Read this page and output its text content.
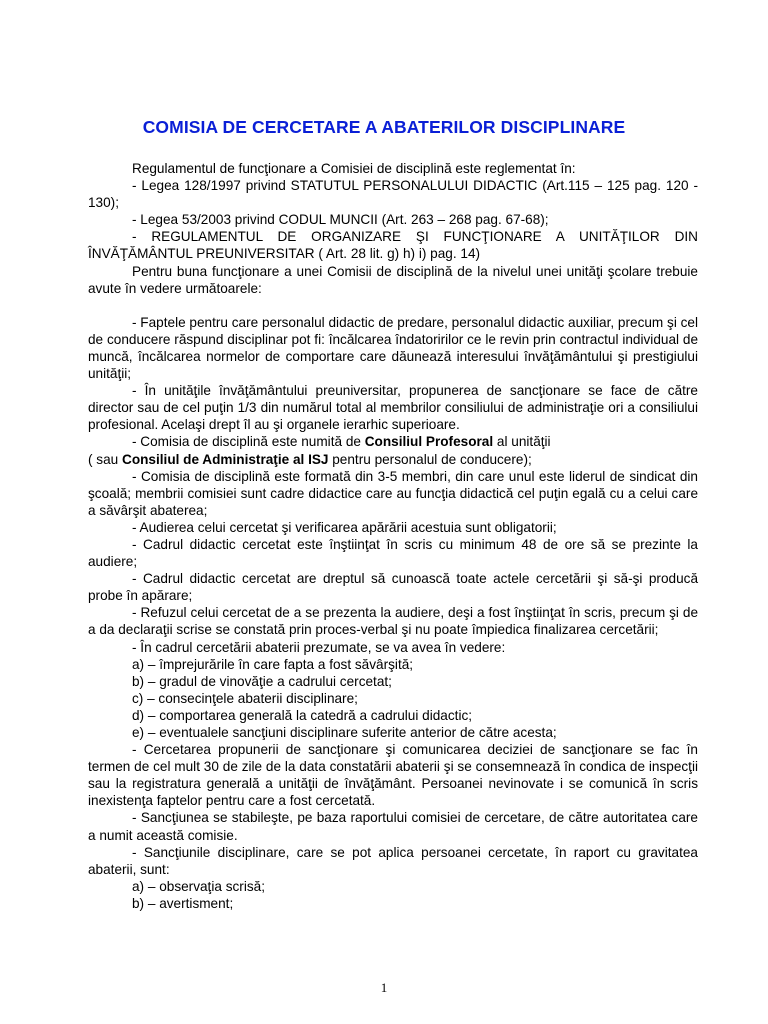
COMISIA DE CERCETARE A ABATERILOR DISCIPLINARE

Regulamentul de funcţionare a Comisiei de disciplină este reglementat în:

- Legea 128/1997 privind STATUTUL PERSONALULUI DIDACTIC (Art.115 – 125 pag. 120 - 130);

- Legea 53/2003 privind CODUL MUNCII (Art. 263 – 268 pag. 67-68);

- REGULAMENTUL DE ORGANIZARE ŞI FUNCŢIONARE A UNITĂŢILOR DIN ÎNVĂŢĂMÂNTUL PREUNIVERSITAR ( Art. 28 lit. g) h) i) pag. 14)

Pentru buna funcţionare a unei Comisii de disciplină de la nivelul unei unităţi şcolare trebuie avute în vedere următoarele:

- Faptele pentru care personalul didactic de predare, personalul didactic auxiliar, precum şi cel de conducere răspund disciplinar pot fi: încălcarea îndatoririlor ce le revin prin contractul individual de muncă, încălcarea normelor de comportare care dăunează interesului învăţământului şi prestigiului unităţii;

- În unităţile învăţământului preuniversitar, propunerea de sancţionare se face de către director sau de cel puţin 1/3 din numărul total al membrilor consiliului de administraţie ori a consiliului profesional. Acelaşi drept îl au şi organele ierarhic superioare.

- Comisia de disciplină este numită de Consiliul Profesoral al unităţii

( sau Consiliul de Administraţie al ISJ pentru personalul de conducere);

- Comisia de disciplină este formată din 3-5 membri, din care unul este liderul de sindicat din şcoală; membrii comisiei sunt cadre didactice care au funcţia didactică cel puţin egală cu a celui care a săvârşit abaterea;

- Audierea celui cercetat şi verificarea apărării acestuia sunt obligatorii;

- Cadrul didactic cercetat este înştiinţat în scris cu minimum 48 de ore să se prezinte la audiere;

- Cadrul didactic cercetat are dreptul să cunoască toate actele cercetării şi să-şi producă probe în apărare;

- Refuzul celui cercetat de a se prezenta la audiere, deşi a fost înştiinţat în scris, precum şi de a da declaraţii scrise se constată prin proces-verbal şi nu poate împiedica finalizarea cercetării;

- În cadrul cercetării abaterii prezumate, se va avea în vedere:

a) – împrejurările în care fapta a fost săvârşită;

b) – gradul de vinovăţie a cadrului cercetat;

c) – consecinţele abaterii disciplinare;

d) – comportarea generală la catedră a cadrului didactic;

e) – eventualele sancţiuni disciplinare suferite anterior de către acesta;

- Cercetarea propunerii de sancţionare şi comunicarea deciziei de sancţionare se fac în termen de cel mult 30 de zile de la data constatării abaterii şi se consemnează în condica de inspecţii sau la registratura generală a unităţii de învăţământ. Persoanei nevinovate i se comunică în scris inexistenţa faptelor pentru care a fost cercetată.

- Sancţiunea se stabileşte, pe baza raportului comisiei de cercetare, de către autoritatea care a numit această comisie.

- Sancţiunile disciplinare, care se pot aplica persoanei cercetate, în raport cu gravitatea abaterii, sunt:

a) – observaţia scrisă;

b) – avertisment;

1
